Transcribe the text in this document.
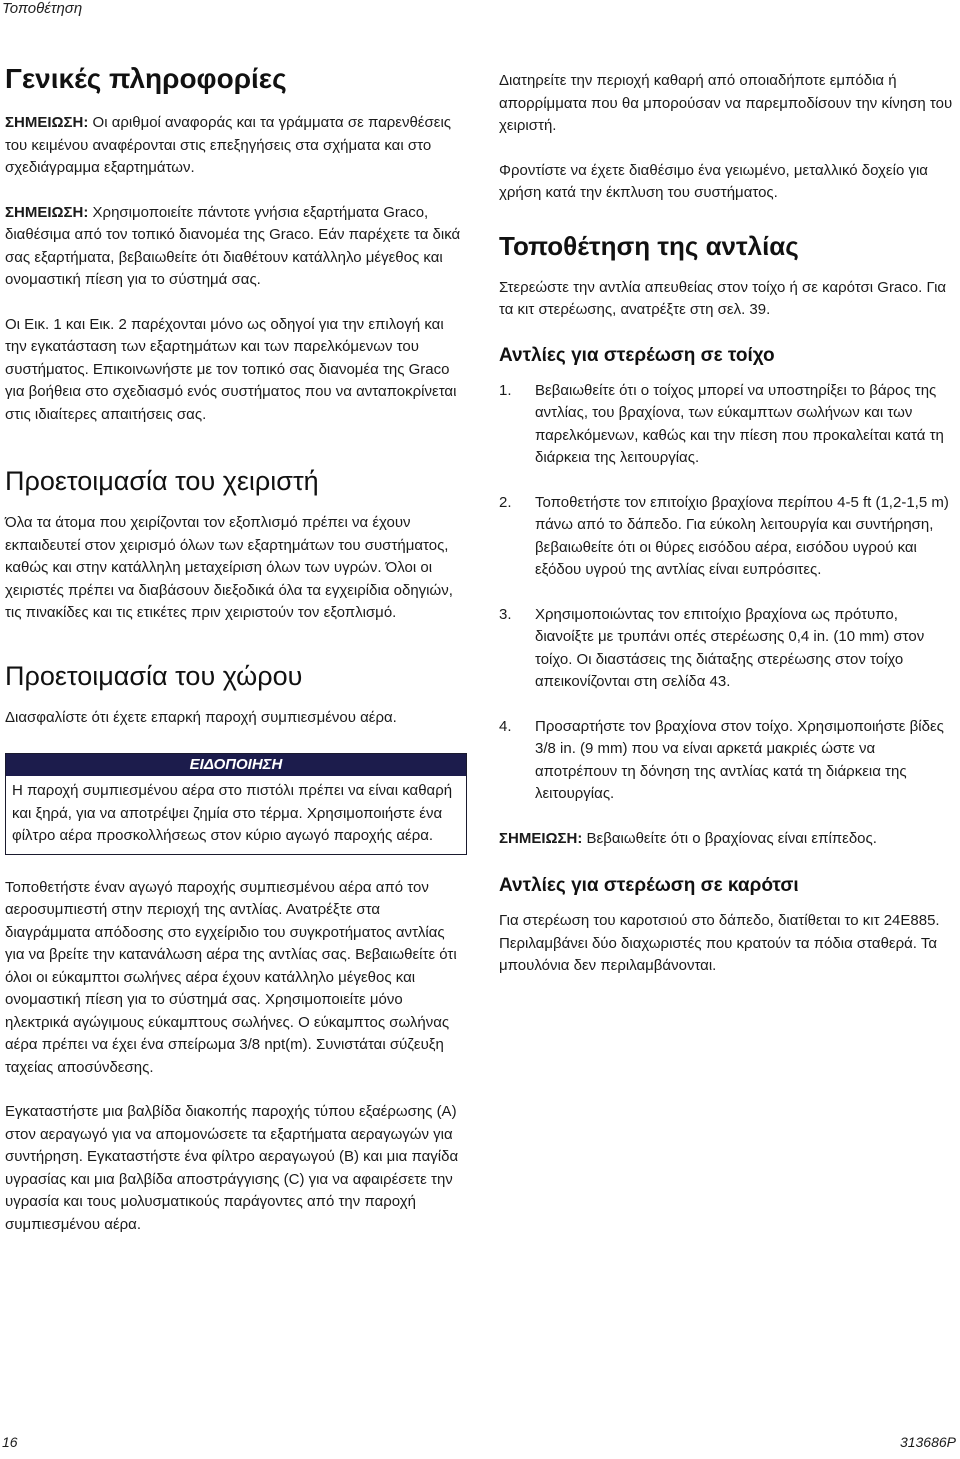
Τοποθέτηση
Γενικές πληροφορίες

ΣΗΜΕΙΩΣΗ: Οι αριθμοί αναφοράς και τα γράμματα σε παρενθέσεις του κειμένου αναφέρονται στις επεξηγήσεις στα σχήματα και στο σχεδιάγραμμα εξαρτημάτων.

ΣΗΜΕΙΩΣΗ: Χρησιμοποιείτε πάντοτε γνήσια εξαρτήματα Graco, διαθέσιμα από τον τοπικό διανομέα της Graco. Εάν παρέχετε τα δικά σας εξαρτήματα, βεβαιωθείτε ότι διαθέτουν κατάλληλο μέγεθος και ονομαστική πίεση για το σύστημά σας.

Οι Εικ. 1 και Εικ. 2 παρέχονται μόνο ως οδηγοί για την επιλογή και την εγκατάσταση των εξαρτημάτων και των παρελκόμενων του συστήματος. Επικοινωνήστε με τον τοπικό σας διανομέα της Graco για βοήθεια στο σχεδιασμό ενός συστήματος που να ανταποκρίνεται στις ιδιαίτερες απαιτήσεις σας.

Προετοιμασία του χειριστή

Όλα τα άτομα που χειρίζονται τον εξοπλισμό πρέπει να έχουν εκπαιδευτεί στον χειρισμό όλων των εξαρτημάτων του συστήματος, καθώς και στην κατάλληλη μεταχείριση όλων των υγρών. Όλοι οι χειριστές πρέπει να διαβάσουν διεξοδικά όλα τα εγχειρίδια οδηγιών, τις πινακίδες και τις ετικέτες πριν χειριστούν τον εξοπλισμό.

Προετοιμασία του χώρου

Διασφαλίστε ότι έχετε επαρκή παροχή συμπιεσμένου αέρα.

ΕΙΔΟΠΟΙΗΣΗ
Η παροχή συμπιεσμένου αέρα στο πιστόλι πρέπει να είναι καθαρή και ξηρά, για να αποτρέψει ζημία στο τέρμα. Χρησιμοποιήστε ένα φίλτρο αέρα προσκολλήσεως στον κύριο αγωγό παροχής αέρα.

Τοποθετήστε έναν αγωγό παροχής συμπιεσμένου αέρα από τον αεροσυμπιεστή στην περιοχή της αντλίας. Ανατρέξτε στα διαγράμματα απόδοσης στο εγχείριδιο του συγκροτήματος αντλίας για να βρείτε την κατανάλωση αέρα της αντλίας σας. Βεβαιωθείτε ότι όλοι οι εύκαμπτοι σωλήνες αέρα έχουν κατάλληλο μέγεθος και ονομαστική πίεση για το σύστημά σας. Χρησιμοποιείτε μόνο ηλεκτρικά αγώγιμους εύκαμπτους σωλήνες. Ο εύκαμπτος σωλήνας αέρα πρέπει να έχει ένα σπείρωμα 3/8 npt(m). Συνιστάται σύζευξη ταχείας αποσύνδεσης.

Εγκαταστήστε μια βαλβίδα διακοπής παροχής τύπου εξαέρωσης (A) στον αεραγωγό για να απομονώσετε τα εξαρτήματα αεραγωγών για συντήρηση. Εγκαταστήστε ένα φίλτρο αεραγωγού (B) και μια παγίδα υγρασίας και μια βαλβίδα αποστράγγισης (C) για να αφαιρέσετε την υγρασία και τους μολυσματικούς παράγοντες από την παροχή συμπιεσμένου αέρα.

Διατηρείτε την περιοχή καθαρή από οποιαδήποτε εμπόδια ή απορρίμματα που θα μπορούσαν να παρεμποδίσουν την κίνηση του χειριστή.

Φροντίστε να έχετε διαθέσιμο ένα γειωμένο, μεταλλικό δοχείο για χρήση κατά την έκπλυση του συστήματος.

Τοποθέτηση της αντλίας

Στερεώστε την αντλία απευθείας στον τοίχο ή σε καρότσι Graco. Για τα κιτ στερέωσης, ανατρέξτε στη σελ. 39.

Αντλίες για στερέωση σε τοίχο
1. Βεβαιωθείτε ότι ο τοίχος μπορεί να υποστηρίξει το βάρος της αντλίας, του βραχίονα, των εύκαμπτων σωλήνων και των παρελκόμενων, καθώς και την πίεση που προκαλείται κατά τη διάρκεια της λειτουργίας.
2. Τοποθετήστε τον επιτοίχιο βραχίονα περίπου 4-5 ft (1,2-1,5 m) πάνω από το δάπεδο. Για εύκολη λειτουργία και συντήρηση, βεβαιωθείτε ότι οι θύρες εισόδου αέρα, εισόδου υγρού και εξόδου υγρού της αντλίας είναι ευπρόσιτες.
3. Χρησιμοποιώντας τον επιτοίχιο βραχίονα ως πρότυπο, διανοίξτε με τρυπάνι οπές στερέωσης 0,4 in. (10 mm) στον τοίχο. Οι διαστάσεις της διάταξης στερέωσης στον τοίχο απεικονίζονται στη σελίδα 43.
4. Προσαρτήστε τον βραχίονα στον τοίχο. Χρησιμοποιήστε βίδες 3/8 in. (9 mm) που να είναι αρκετά μακριές ώστε να αποτρέπουν τη δόνηση της αντλίας κατά τη διάρκεια της λειτουργίας.

ΣΗΜΕΙΩΣΗ: Βεβαιωθείτε ότι ο βραχίονας είναι επίπεδος.

Αντλίες για στερέωση σε καρότσι

Για στερέωση του καροτσιού στο δάπεδο, διατίθεται το κιτ 24E885. Περιλαμβάνει δύο διαχωριστές που κρατούν τα πόδια σταθερά. Τα μπουλόνια δεν περιλαμβάνονται.

16	313686P
